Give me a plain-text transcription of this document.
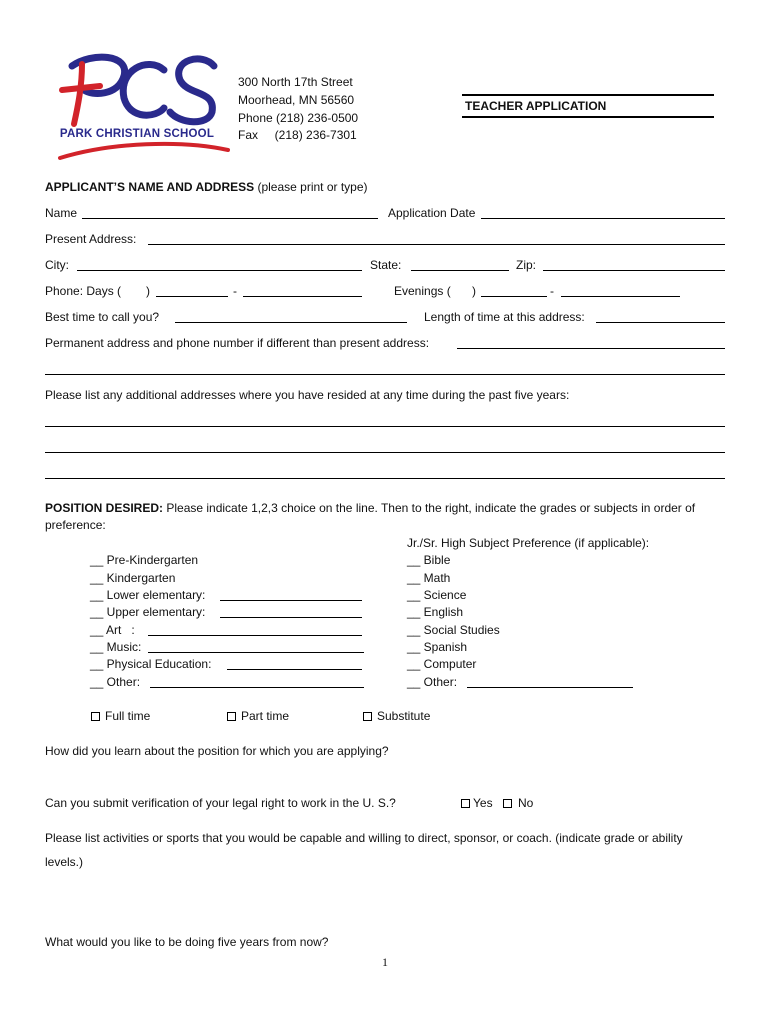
PARK CHRISTIAN SCHOOL
300 North 17th Street
Moorhead, MN 56560
Phone (218) 236-0500
Fax     (218) 236-7301
TEACHER APPLICATION
APPLICANT’S NAME AND ADDRESS (please print or type)
Name	Application Date
Present Address:
City:	State:	Zip:
Phone: Days ( )	-	Evenings ( )	-
Best time to call you?	Length of time at this address:
Permanent address and phone number if different than present address:
Please list any additional addresses where you have resided at any time during the past five years:
POSITION DESIRED: Please indicate 1,2,3 choice on the line. Then to the right, indicate the grades or subjects in order of
preference:
Jr./Sr. High Subject Preference (if applicable):
__ Pre-Kindergarten
__ Kindergarten
__ Lower elementary:
__ Upper elementary:
__ Art   :
__ Music:
__ Physical Education:
__ Other:
__ Bible
__ Math
__ Science
__ English
__ Social Studies
__ Spanish
__ Computer
__ Other:
Full time	Part time	Substitute
How did you learn about the position for which you are applying?
Can you submit verification of your legal right to work in the U. S.?	Yes	No
Please list activities or sports that you would be capable and willing to direct, sponsor, or coach. (indicate grade or ability
levels.)
What would you like to be doing five years from now?
1
